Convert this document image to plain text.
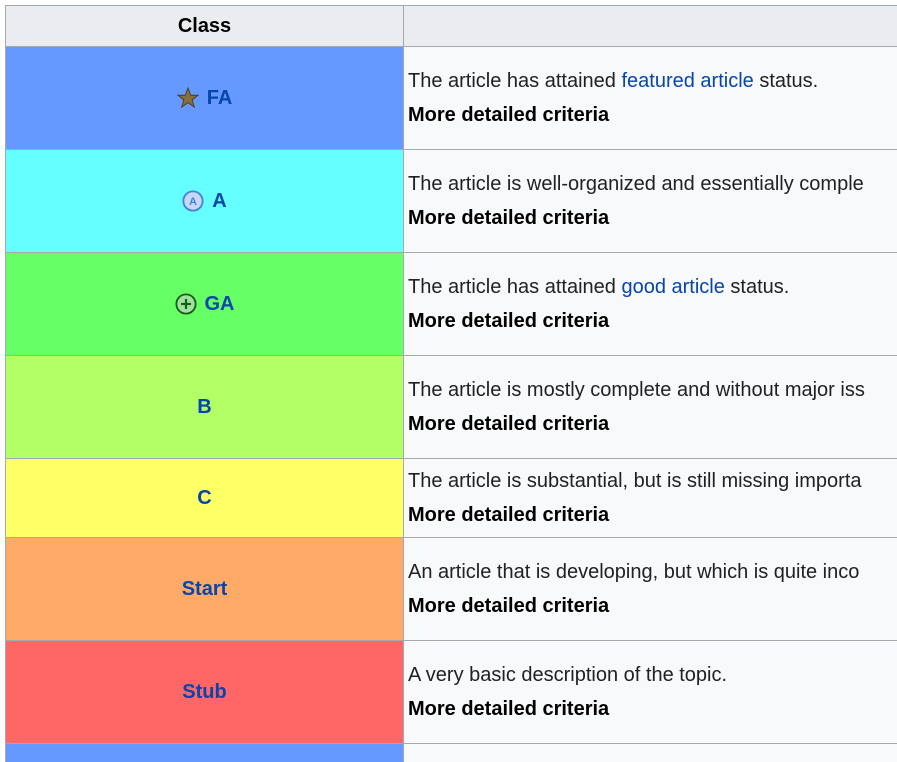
Class
FA
The article has attained featured article status.
More detailed criteria
A A
The article is well-organized and essentially comple
More detailed criteria
GA
The article has attained good article status.
More detailed criteria
B
The article is mostly complete and without major iss
More detailed criteria
C
The article is substantial, but is still missing importa
More detailed criteria
Start
An article that is developing, but which is quite inco
More detailed criteria
Stub
A very basic description of the topic.
More detailed criteria
